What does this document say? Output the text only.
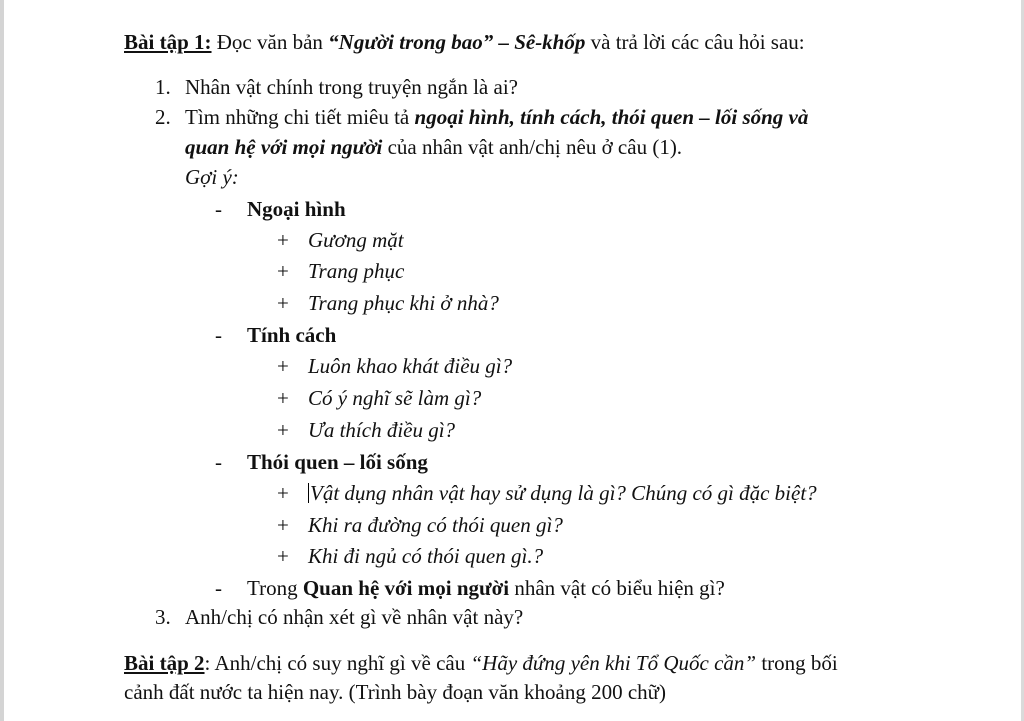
Bài tập 1: Đọc văn bản “Người trong bao” – Sê-khốp và trả lời các câu hỏi sau:
1. Nhân vật chính trong truyện ngắn là ai?
2. Tìm những chi tiết miêu tả ngoại hình, tính cách, thói quen – lối sống và
quan hệ với mọi người của nhân vật anh/chị nêu ở câu (1).
Gợi ý:
- Ngoại hình
+ Gương mặt
+ Trang phục
+ Trang phục khi ở nhà?
- Tính cách
+ Luôn khao khát điều gì?
+ Có ý nghĩ sẽ làm gì?
+ Ưa thích điều gì?
- Thói quen – lối sống
+ Vật dụng nhân vật hay sử dụng là gì? Chúng có gì đặc biệt?
+ Khi ra đường có thói quen gì?
+ Khi đi ngủ có thói quen gì.?
- Trong Quan hệ với mọi người nhân vật có biểu hiện gì?
3. Anh/chị có nhận xét gì về nhân vật này?
Bài tập 2: Anh/chị có suy nghĩ gì về câu “Hãy đứng yên khi Tổ Quốc cần” trong bối
cảnh đất nước ta hiện nay. (Trình bày đoạn văn khoảng 200 chữ)
